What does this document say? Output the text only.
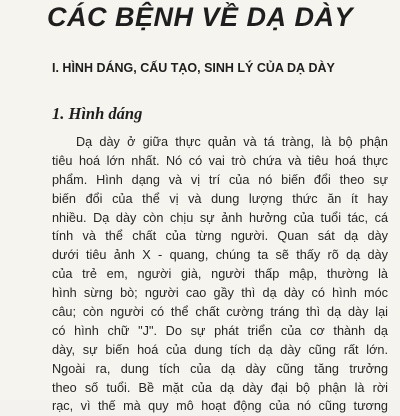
CÁC BỆNH VỀ DẠ DÀY
I. HÌNH DÁNG, CẤU TẠO, SINH LÝ CỦA DẠ DÀY
1. Hình dáng
Dạ dày ở giữa thực quản và tá tràng, là bộ phận
tiêu hoá lớn nhất. Nó có vai trò chứa và tiêu hoá thực
phẩm. Hình dạng và vị trí của nó biến đổi theo sự
biến đổi của thể vị và dung lượng thức ăn ít hay
nhiều. Dạ dày còn chịu sự ảnh hưởng của tuổi tác, cá
tính và thể chất của từng người. Quan sát dạ dày
dưới tiêu ảnh X - quang, chúng ta sẽ thấy rõ dạ dày
của trẻ em, người già, người thấp mập, thường là
hình sừng bò; người cao gầy thì dạ dày có hình móc
câu; còn người có thể chất cường tráng thì dạ dày lại
có hình chữ "J". Do sự phát triển của cơ thành dạ
dày, sự biến hoá của dung tích dạ dày cũng rất lớn.
Ngoài ra, dung tích của dạ dày cũng tăng trưởng
theo số tuổi. Bề mặt của dạ dày đại bộ phận là rời
rạc, vì thế mà quy mô hoạt động của nó cũng tương
